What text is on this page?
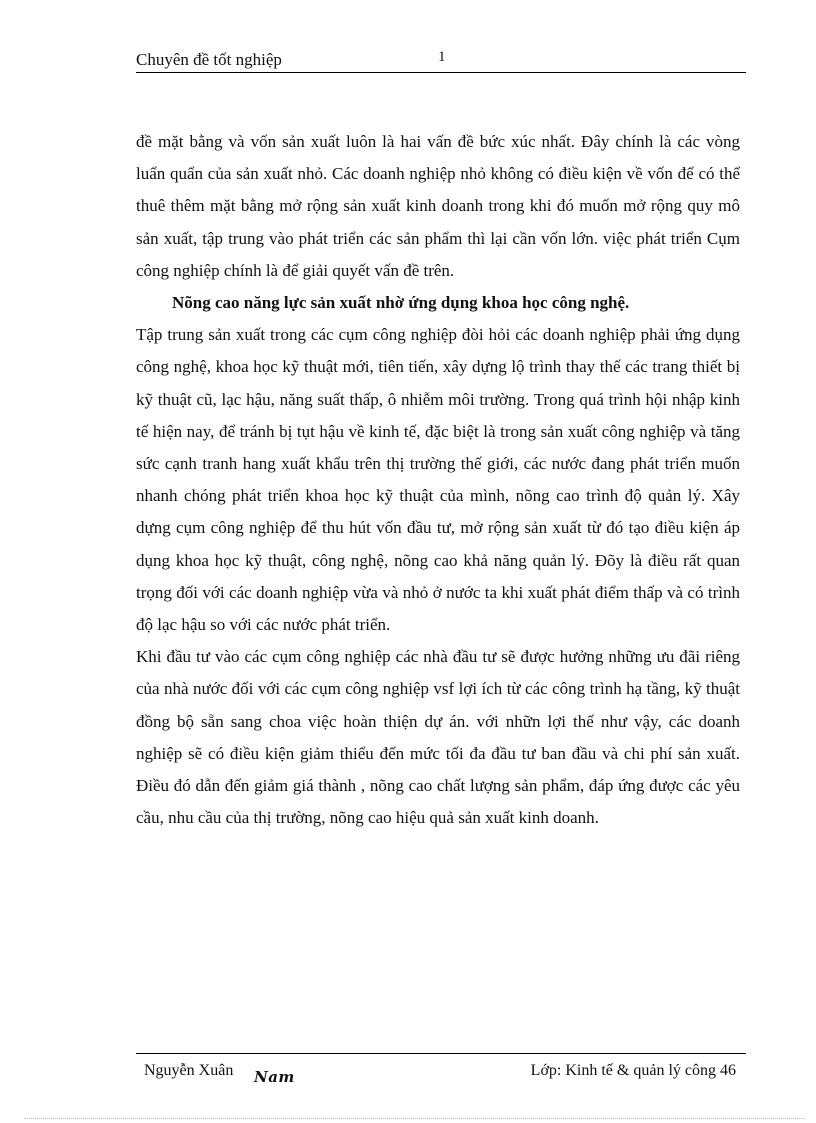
Chuyên đề tốt nghiệp	1

đề mặt bằng và vốn sản xuất luôn là hai vấn đề bức xúc nhất. Đây chính là các vòng luẩn quẩn của sản xuất nhỏ. Các doanh nghiệp nhỏ không có điều kiện về vốn để có thể thuê thêm mặt bằng mở rộng sản xuất kinh doanh trong khi đó muốn mở rộng quy mô sản xuất, tập trung vào phát triển các sản phẩm thì lại cần vốn lớn. việc phát triển Cụm công nghiệp chính là để giải quyết vấn đề trên.

Nõng cao năng lực sản xuất nhờ ứng dụng khoa học công nghệ.

Tập trung sản xuất trong các cụm công nghiệp đòi hỏi các doanh nghiệp phải ứng dụng công nghệ, khoa học kỹ thuật mới, tiên tiến, xây dựng lộ trình thay thế các trang thiết bị kỹ thuật cũ, lạc hậu, năng suất thấp, ô nhiễm môi trường. Trong quá trình hội nhập kinh tế hiện nay, để tránh bị tụt hậu về kinh tế, đặc biệt là trong sản xuất công nghiệp và tăng sức cạnh tranh hang xuất khẩu trên thị trường thế giới, các nước đang phát triển muốn nhanh chóng phát triển khoa học kỹ thuật của mình, nõng cao trình độ quản lý. Xây dựng cụm công nghiệp để thu hút vốn đầu tư, mở rộng sản xuất từ đó tạo điều kiện áp dụng khoa học kỹ thuật, công nghệ, nõng cao khả năng quản lý. Đõy là điều rất quan trọng đối với các doanh nghiệp vừa và nhỏ ở nước ta khi xuất phát điểm thấp và có trình độ lạc hậu so với các nước phát triển.

Khi đầu tư vào các cụm công nghiệp các nhà đầu tư sẽ được hưởng những ưu đãi riêng của nhà nước đối với các cụm công nghiệp vsf lợi ích từ các công trình hạ tầng, kỹ thuật đồng bộ sẵn sang choa việc hoàn thiện dự án. với nhữn lợi thế như vậy, các doanh nghiệp sẽ có điều kiện giảm thiểu đến mức tối đa đầu tư ban đầu và chi phí sản xuất. Điều đó dẫn đến giảm giá thành , nõng cao chất lượng sản phẩm, đáp ứng được các yêu cầu, nhu cầu của thị trường, nõng cao hiệu quả sản xuất kinh doanh.

Nguyễn Xuân Nam	Lớp: Kinh tế & quản lý công 46
